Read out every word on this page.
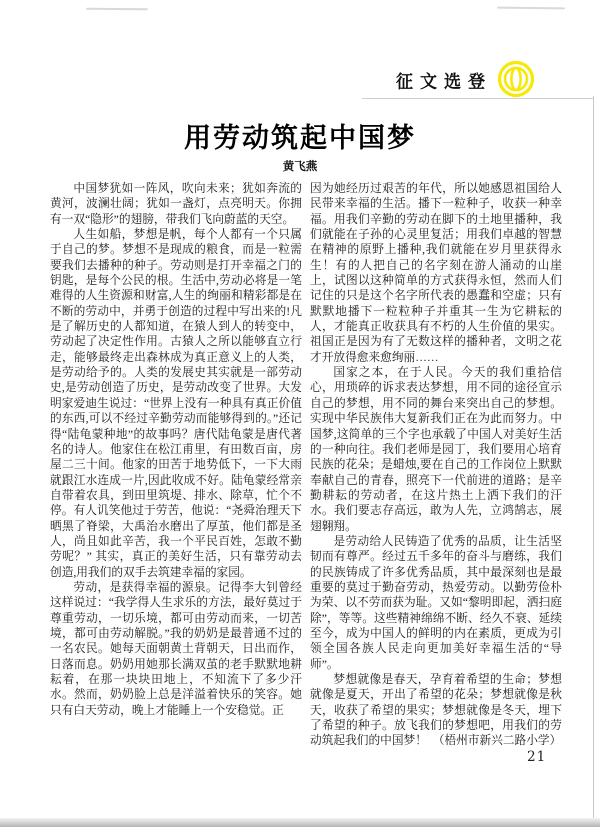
征文选登
用劳动筑起中国梦
黄飞燕

中国梦犹如一阵风，吹向未来；犹如奔流的黄河，波澜壮阔；犹如一盏灯，点亮明天。你拥有一双“隐形”的翅膀，带我们飞向蔚蓝的天空。

人生如船，梦想是帆，每个人都有一个只属于自己的梦。梦想不是现成的粮食，而是一粒需要我们去播种的种子。劳动则是打开幸福之门的钥匙，是每个公民的根。生活中,劳动必将是一笔难得的人生资源和财富,人生的绚丽和精彩都是在不断的劳动中，并勇于创造的过程中写出来的!凡是了解历史的人都知道，在猿人到人的转变中，劳动起了决定性作用。古猿人之所以能够直立行走，能够最终走出森林成为真正意义上的人类，是劳动给予的。人类的发展史其实就是一部劳动史,是劳动创造了历史，是劳动改变了世界。大发明家爱迪生说过：“世界上没有一种具有真正价值的东西,可以不经过辛勤劳动而能够得到的。”还记得“陆龟蒙种地”的故事吗？唐代陆龟蒙是唐代著名的诗人。他家住在松江甫里，有田数百亩，房屋二三十间。他家的田苦于地势低下，一下大雨就跟江水连成一片,因此收成不好。陆龟蒙经常亲自带着农具，到田里筑堤、排水、除草，忙个不停。有人讥笑他过于劳苦，他说：“尧舜治理天下晒黑了脊梁，大禹治水磨出了厚茧，他们都是圣人，尚且如此辛苦，我一个平民百姓，怎敢不勤劳呢？” 其实，真正的美好生活，只有靠劳动去创造,用我们的双手去筑建幸福的家园。

劳动，是获得幸福的源泉。记得李大钊曾经这样说过：“我学得人生求乐的方法，最好莫过于尊重劳动，一切乐境，都可由劳动而来，一切苦境，都可由劳动解脱。”我的奶奶是最普通不过的一名农民。她每天面朝黄土背朝天，日出而作，日落而息。奶奶用她那长满双茧的老手默默地耕耘着，在那一块块田地上，不知流下了多少汗水。然而，奶奶脸上总是洋溢着快乐的笑容。她只有白天劳动，晚上才能睡上一个安稳觉。正

因为她经历过艰苦的年代，所以她感恩祖国给人民带来幸福的生活。播下一粒种子，收获一种幸福。用我们辛勤的劳动在脚下的土地里播种，我们就能在子孙的心灵里复活；用我们卓越的智慧在精神的原野上播种,我们就能在岁月里获得永生！有的人把自己的名字刻在游人涌动的山崖上，试图以这种简单的方式获得永恒，然而人们记住的只是这个名字所代表的愚蠢和空虚；只有默默地播下一粒粒种子并重其一生为它耕耘的人，才能真正收获具有不朽的人生价值的果实。祖国正是因为有了无数这样的播种者，文明之花才开放得愈来愈绚丽……

国家之本，在于人民。今天的我们重拾信心，用琐碎的诉求表达梦想，用不同的途径宣示自己的梦想，用不同的舞台来突出自己的梦想。实现中华民族伟大复新我们正在为此而努力。中国梦,这简单的三个字也承载了中国人对美好生活的一种向往。我们老师是园丁，我们要用心培育民族的花朵；是蜡烛,要在自己的工作岗位上默默奉献自己的青春，照亮下一代前进的道路；是辛勤耕耘的劳动者，在这片热土上洒下我们的汗水。我们要志存高远，敢为人先，立鸿鹄志，展翅翱翔。

是劳动给人民铸造了优秀的品质，让生活坚韧而有尊严。经过五千多年的奋斗与磨练，我们的民族铸成了许多优秀品质，其中最深刻也是最重要的莫过于勤奋劳动，热爱劳动。以勤劳俭朴为荣、以不劳而获为耻。又如“黎明即起，洒扫庭除”，等等。这些精神绵绵不断、经久不衰、延续至今，成为中国人的鲜明的内在素质，更成为引领全国各族人民走向更加美好幸福生活的“导师”。

梦想就像是春天，孕育着希望的生命；梦想就像是夏天，开出了希望的花朵；梦想就像是秋天，收获了希望的果实；梦想就像是冬天，埋下了希望的种子。放飞我们的梦想吧，用我们的劳动筑起我们的中国梦！　（梧州市新兴二路小学）

21
